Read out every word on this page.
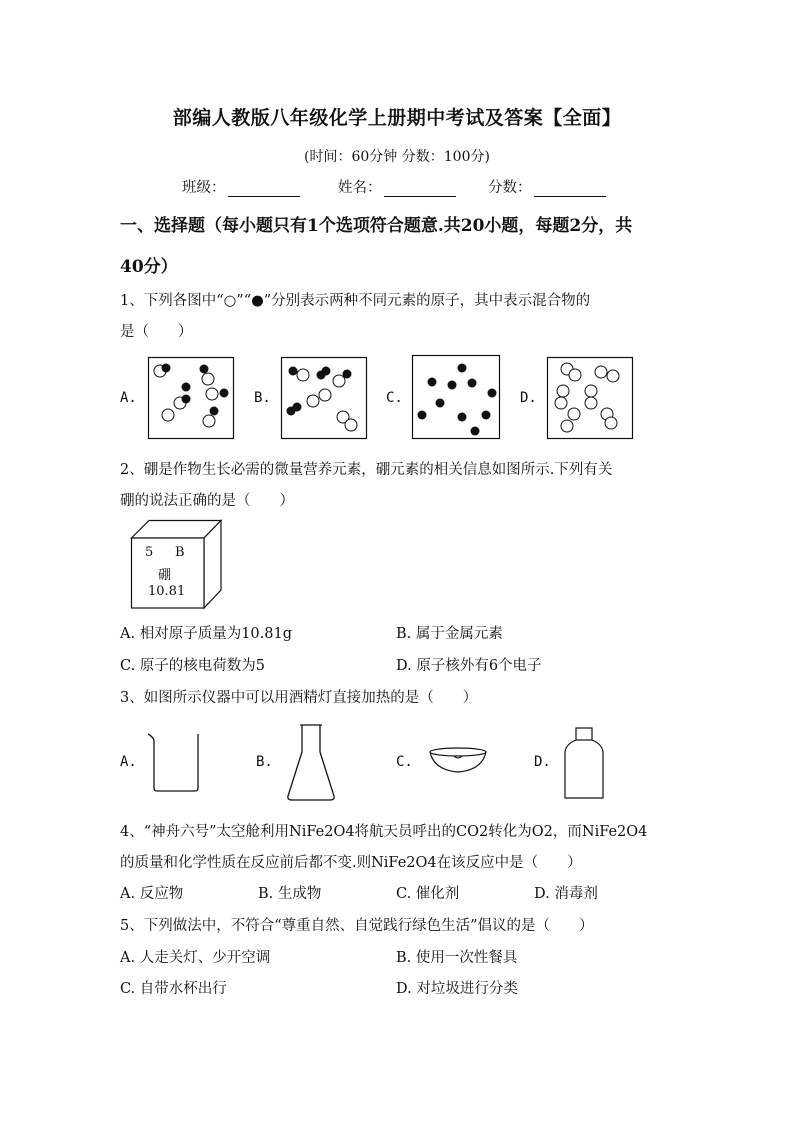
部编人教版八年级化学上册期中考试及答案【全面】
(时间：60分钟 分数：100分)
班级：	姓名：	分数：
一、选择题（每小题只有1个选项符合题意.共20小题，每题2分，共
40分）
1、下列各图中“○”“●”分别表示两种不同元素的原子，其中表示混合物的
是（　　）
A.	B.	C.	D.
2、硼是作物生长必需的微量营养元素，硼元素的相关信息如图所示.下列有关
硼的说法正确的是（　　）
5 B
硼
10.81
A. 相对原子质量为10.81g	B. 属于金属元素
C. 原子的核电荷数为5	D. 原子核外有6个电子
3、如图所示仪器中可以用酒精灯直接加热的是（　　）
A.	B.	C.	D.
4、“神舟六号”太空舱利用NiFe2O4将航天员呼出的CO2转化为O2，而NiFe2O4
的质量和化学性质在反应前后都不变.则NiFe2O4在该反应中是（　　）
A. 反应物	B. 生成物	C. 催化剂	D. 消毒剂
5、下列做法中，不符合“尊重自然、自觉践行绿色生活”倡议的是（　　）
A. 人走关灯、少开空调	B. 使用一次性餐具
C. 自带水杯出行	D. 对垃圾进行分类
